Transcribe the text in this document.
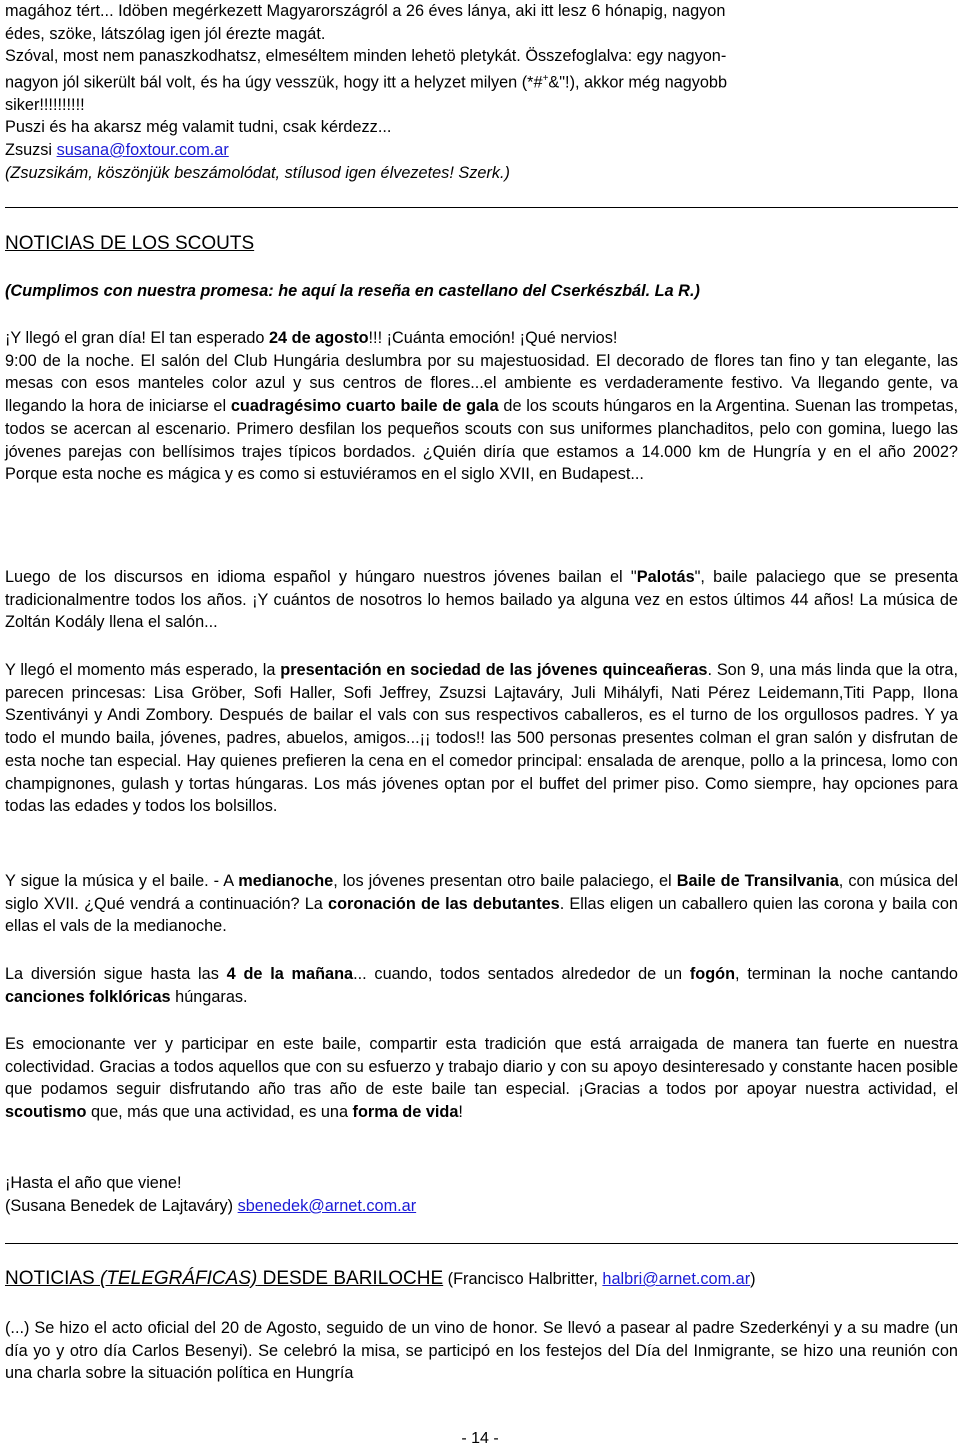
magához tért... Idöben megérkezett Magyarországról a 26 éves lánya, aki itt lesz 6 hónapig, nagyon
édes, szöke, látszólag igen jól érezte magát.
Szóval, most nem panaszkodhatsz, elmeséltem minden lehetö pletykát. Összefoglalva: egy nagyon-
nagyon jól sikerült bál volt, és ha úgy vesszük, hogy itt a helyzet milyen (*#+&"!), akkor még nagyobb
siker!!!!!!!!!!
Puszi és ha akarsz még valamit tudni, csak kérdezz...
Zsuzsi susana@foxtour.com.ar
(Zsuzsikám, köszönjük beszámolódat, stílusod igen élvezetes! Szerk.)
NOTICIAS DE LOS SCOUTS
(Cumplimos con nuestra promesa: he aquí la reseña en castellano del Cserkészbál. La R.)

¡Y llegó el gran día! El tan esperado 24 de agosto!!! ¡Cuánta emoción! ¡Qué nervios!

9:00 de la noche. El salón del Club Hungária deslumbra por su majestuosidad. El decorado de flores tan fino y tan elegante, las mesas con esos manteles color azul y sus centros de flores...el ambiente es verdaderamente festivo. Va llegando gente, va llegando la hora de iniciarse el cuadragésimo cuarto baile de gala de los scouts húngaros en la Argentina. Suenan las trompetas, todos se acercan al escenario. Primero desfilan los pequeños scouts con sus uniformes planchaditos, pelo con gomina, luego las jóvenes parejas con bellísimos trajes típicos bordados. ¿Quién diría que estamos a 14.000 km de Hungría y en el año 2002? Porque esta noche es mágica y es como si estuviéramos en el siglo XVII, en Budapest...

Luego de los discursos en idioma español y húngaro nuestros jóvenes bailan el "Palotás", baile palaciego que se presenta tradicionalmentre todos los años. ¡Y cuántos de nosotros lo hemos bailado ya alguna vez en estos últimos 44 años! La música de Zoltán Kodály llena el salón...
Y llegó el momento más esperado, la presentación en sociedad de las jóvenes quinceañeras. Son 9, una más linda que la otra, parecen princesas: Lisa Gröber, Sofi Haller, Sofi Jeffrey, Zsuzsi Lajtaváry, Juli Mihályfi, Nati Pérez Leidemann,Titi Papp, Ilona Szentiványi y Andi Zombory. Después de bailar el vals con sus respectivos caballeros, es el turno de los orgullosos padres. Y ya todo el mundo baila, jóvenes, padres, abuelos, amigos...¡¡ todos!! las 500 personas presentes colman el gran salón y disfrutan de esta noche tan especial. Hay quienes prefieren la cena en el comedor principal: ensalada de arenque, pollo a la princesa, lomo con champignones, gulash y tortas húngaras. Los más jóvenes optan por el buffet del primer piso. Como siempre, hay opciones para todas las edades y todos los bolsillos.
Y sigue la música y el baile. - A medianoche, los jóvenes presentan otro baile palaciego, el Baile de Transilvania, con música del siglo XVII. ¿Qué vendrá a continuación? La coronación de las debutantes. Ellas eligen un caballero quien las corona y baila con ellas el vals de la medianoche.
La diversión sigue hasta las 4 de la mañana... cuando, todos sentados alrededor de un fogón, terminan la noche cantando canciones folklóricas húngaras.
Es emocionante ver y participar en este baile, compartir esta tradición que está arraigada de manera tan fuerte en nuestra colectividad. Gracias a todos aquellos que con su esfuerzo y trabajo diario y con su apoyo desinteresado y constante hacen posible que podamos seguir disfrutando año tras año de este baile tan especial. ¡Gracias a todos por apoyar nuestra actividad, el scoutismo que, más que una actividad, es una forma de vida!

¡Hasta el año que viene!

(Susana Benedek de Lajtaváry) sbenedek@arnet.com.ar

NOTICIAS (TELEGRÁFICAS) DESDE BARILOCHE (Francisco Halbritter, halbri@arnet.com.ar)
(...) Se hizo el acto oficial del 20 de Agosto, seguido de un vino de honor. Se llevó a pasear al padre Szederkényi y a su madre (un día yo y otro día Carlos Besenyi). Se celebró la misa, se participó en los festejos del Día del Inmigrante, se hizo una reunión con una charla sobre la situación política en Hungría
- 14 -
